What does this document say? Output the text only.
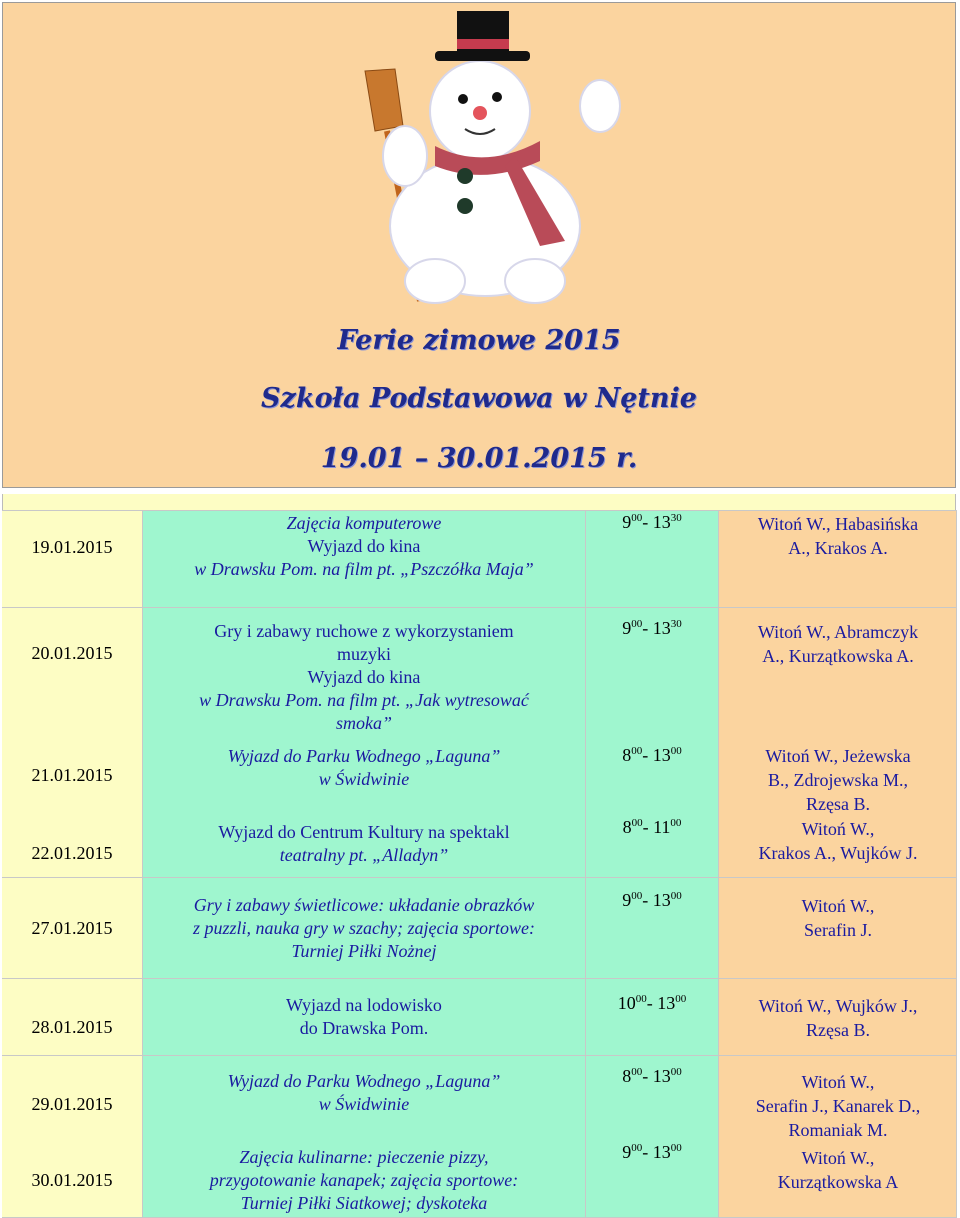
Ferie zimowe 2015
Szkoła Podstawowa w Nętnie
19.01 – 30.01.2015 r.
19.01.2015
Zajęcia komputerowe
Wyjazd do kina
w Drawsku Pom. na film pt. „Pszczółka Maja”
$9^{00}-$ $13^{30}$	Witoń W., Habasińska
A., Krakos A.
20.01.2015
Gry i zabawy ruchowe z wykorzystaniem
muzyki
Wyjazd do kina
w Drawsku Pom. na film pt. „Jak wytresować
smoka”
$9^{00}-$ $13^{30}$	Witoń W., Abramczyk
A., Kurzątkowska A.
21.01.2015
Wyjazd do Parku Wodnego „Laguna”
w Świdwinie
$8^{00}-$ $13^{00}$	Witoń W., Jeżewska
B., Zdrojewska M.,
Rzęsa B.
22.01.2015
Wyjazd do Centrum Kultury na spektakl
teatralny pt. „Alladyn”
$8^{00}-$ $11^{00}$	Witoń W.,
Krakos A., Wujków J.
27.01.2015
Gry i zabawy świetlicowe: układanie obrazków
z puzzli, nauka gry w szachy; zajęcia sportowe:
Turniej Piłki Nożnej
$9^{00}-$ $13^{00}$	Witoń W.,
Serafin J.
28.01.2015
Wyjazd na lodowisko
do Drawska Pom.
$10^{00}-$ $13^{00}$	Witoń W., Wujków J.,
Rzęsa B.
29.01.2015
Wyjazd do Parku Wodnego „Laguna”
w Świdwinie
$8^{00}-$ $13^{00}$	Witoń W.,
Serafin J., Kanarek D.,
Romaniak M.
30.01.2015
Zajęcia kulinarne: pieczenie pizzy,
przygotowanie kanapek; zajęcia sportowe:
Turniej Piłki Siatkowej; dyskoteka
$9^{00}-$ $13^{00}$	Witoń W.,
Kurzątkowska A
